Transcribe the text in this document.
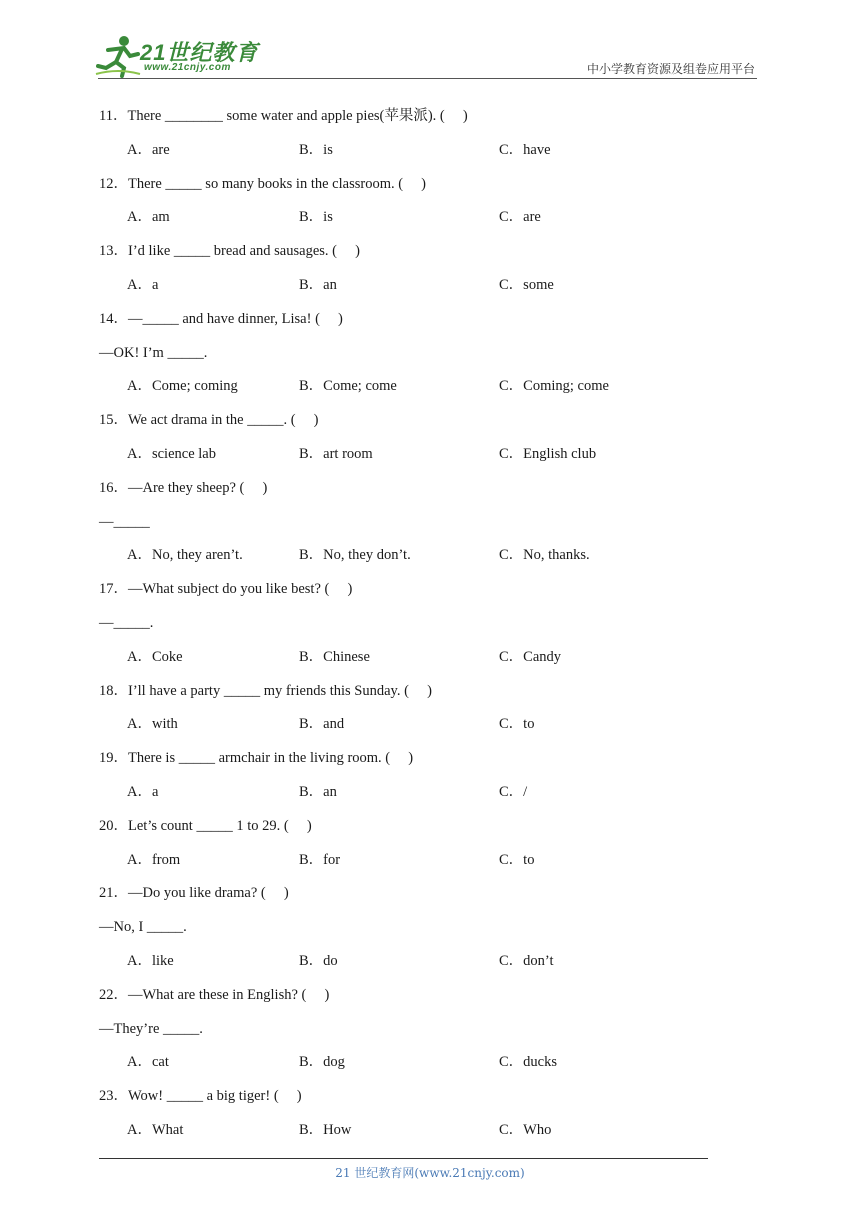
21世纪教育
www.21cnjy.com	中小学教育资源及组卷应用平台
11．There ________ some water and apple pies(苹果派). (     )
A．are	B．is	C．have
12．There _____ so many books in the classroom. (     )
A．am	B．is	C．are
13．I’d like _____ bread and sausages. (     )
A．a	B．an	C．some
14．—_____ and have dinner, Lisa! (     )
—OK! I’m _____.
A．Come; coming	B．Come; come	C．Coming; come
15．We act drama in the _____. (     )
A．science lab	B．art room	C．English club
16．—Are they sheep? (     )
—_____
A．No, they aren’t.	B．No, they don’t.	C．No, thanks.
17．—What subject do you like best? (     )
—_____.
A．Coke	B．Chinese	C．Candy
18．I’ll have a party _____ my friends this Sunday. (     )
A．with	B．and	C．to
19．There is _____ armchair in the living room. (     )
A．a	B．an	C．/
20．Let’s count _____ 1 to 29. (     )
A．from	B．for	C．to
21．—Do you like drama? (     )
—No, I _____.
A．like	B．do	C．don’t
22．—What are these in English? (     )
—They’re _____.
A．cat	B．dog	C．ducks
23．Wow! _____ a big tiger! (     )
A．What	B．How	C．Who
21 世纪教育网(www.21cnjy.com)
